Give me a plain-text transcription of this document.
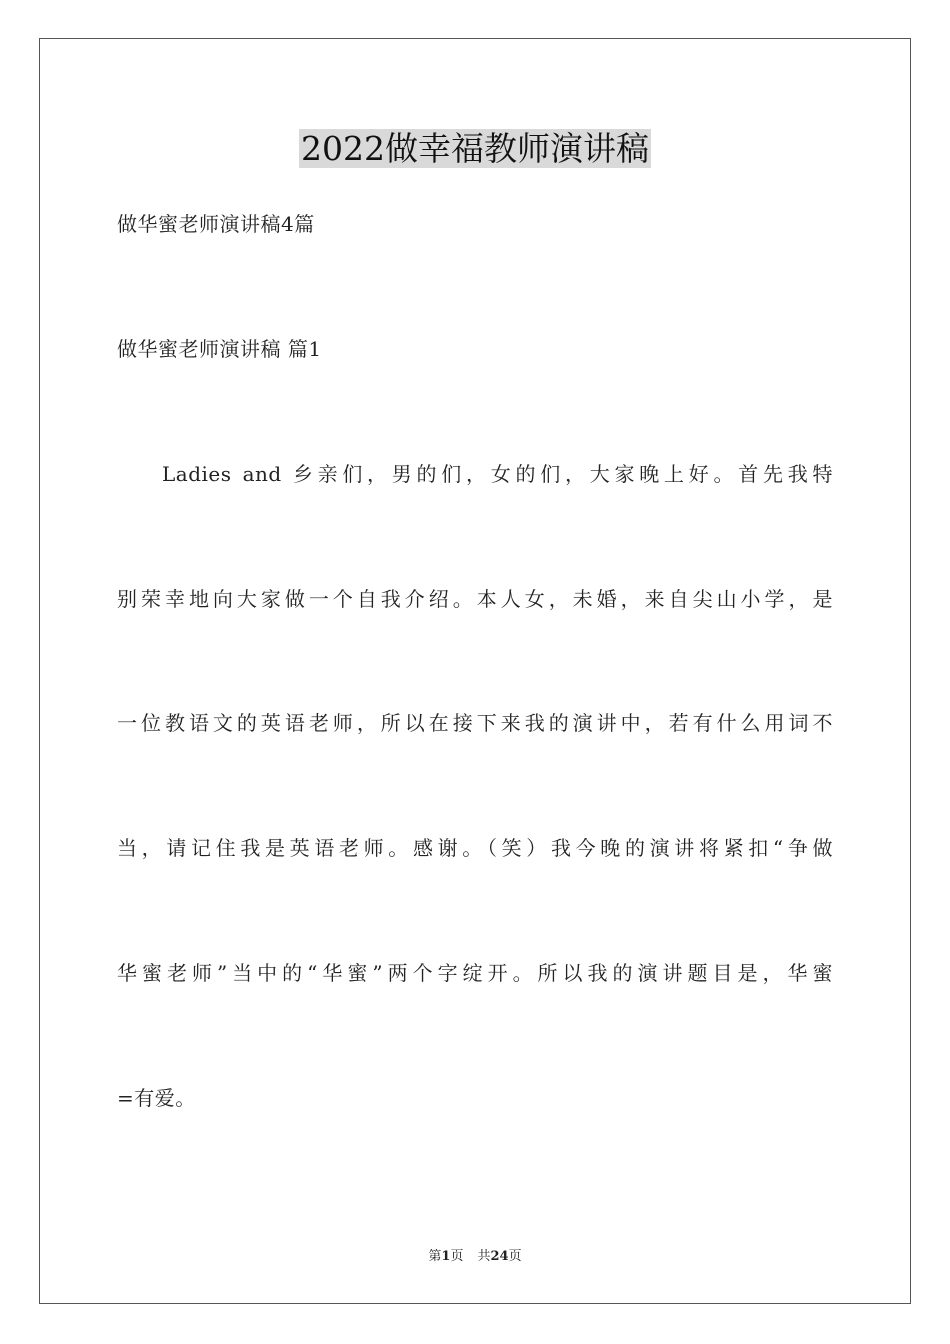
2022做幸福教师演讲稿

做华蜜老师演讲稿4篇

做华蜜老师演讲稿 篇1

Ladies and 乡亲们，男的们，女的们，大家晚上好。首先我特

别荣幸地向大家做一个自我介绍。本人女，未婚，来自尖山小学，是

一位教语文的英语老师，所以在接下来我的演讲中，若有什么用词不

当，请记住我是英语老师。感谢。（笑）我今晚的演讲将紧扣“争做

华蜜老师”当中的“华蜜”两个字绽开。所以我的演讲题目是，华蜜

=有爱。

第1页 共24页
